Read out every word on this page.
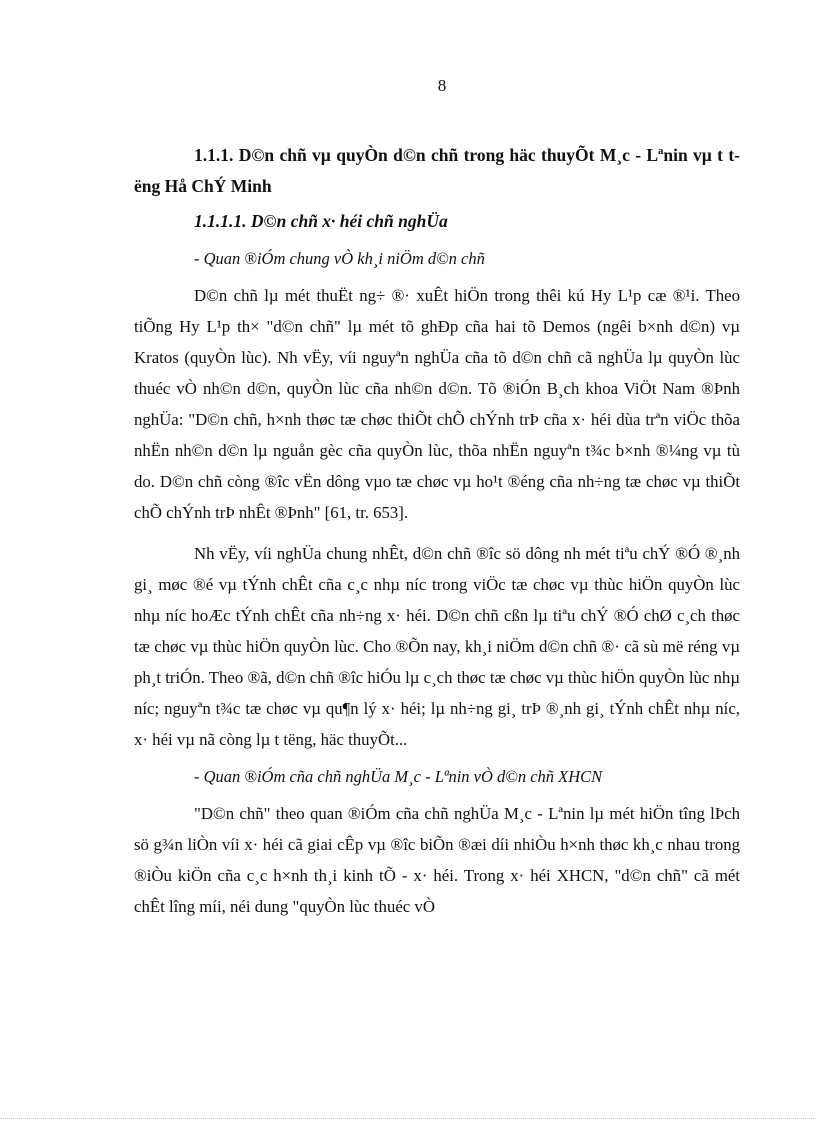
8

1.1.1. D©n chñ vµ quyÒn d©n chñ trong häc thuyÕt M¸c - Lªnin vµ t tëng Hå ChÝ Minh

1.1.1.1. D©n chñ x· héi chñ nghÜa

- Quan ®iÓm chung vÒ kh¸i niÖm d©n chñ

D©n chñ lµ mét thuËt ng÷ ®· xuÊt hiÖn trong thêi kú Hy L¹p cæ ®¹i. Theo tiÕng Hy L¹p th× "d©n chñ" lµ mét tõ ghÐp cña hai tõ Demos (ngêi b×nh d©n) vµ Kratos (quyÒn lùc). Nh vËy, víi nguyªn nghÜa cña tõ d©n chñ cã nghÜa lµ quyÒn lùc thuéc vÒ nh©n d©n, quyÒn lùc cña nh©n d©n. Tõ ®iÓn B¸ch khoa ViÖt Nam ®Þnh nghÜa: "D©n chñ, h×nh thøc tæ chøc thiÕt chÕ chÝnh trÞ cña x· héi dùa trªn viÖc thõa nhËn nh©n d©n lµ nguån gèc cña quyÒn lùc, thõa nhËn nguyªn t¾c b×nh ®¼ng vµ tù do. D©n chñ còng ®îc vËn dông vµo tæ chøc vµ ho¹t ®éng cña nh÷ng tæ chøc vµ thiÕt chÕ chÝnh trÞ nhÊt ®Þnh" [61, tr. 653].

Nh vËy, víi nghÜa chung nhÊt, d©n chñ ®îc sö dông nh mét tiªu chÝ ®Ó ®¸nh gi¸ møc ®é vµ tÝnh chÊt cña c¸c nhµ níc trong viÖc tæ chøc vµ thùc hiÖn quyÒn lùc nhµ níc hoÆc tÝnh chÊt cña nh÷ng x· héi. D©n chñ cßn lµ tiªu chÝ ®Ó chØ c¸ch thøc tæ chøc vµ thùc hiÖn quyÒn lùc. Cho ®Õn nay, kh¸i niÖm d©n chñ ®· cã sù më réng vµ ph¸t triÓn. Theo ®ã, d©n chñ ®îc hiÓu lµ c¸ch thøc tæ chøc vµ thùc hiÖn quyÒn lùc nhµ níc; nguyªn t¾c tæ chøc vµ qu¶n lý x· héi; lµ nh÷ng gi¸ trÞ ®¸nh gi¸ tÝnh chÊt nhµ níc, x· héi vµ nã còng lµ t tëng, häc thuyÕt...

- Quan ®iÓm cña chñ nghÜa M¸c - Lªnin vÒ d©n chñ XHCN

"D©n chñ" theo quan ®iÓm cña chñ nghÜa M¸c - Lªnin lµ mét hiÖn tîng lÞch sö g¾n liÒn víi x· héi cã giai cÊp vµ ®îc biÕn ®æi díi nhiÒu h×nh thøc kh¸c nhau trong ®iÒu kiÖn cña c¸c h×nh th¸i kinh tÕ - x· héi. Trong x· héi XHCN, "d©n chñ" cã mét chÊt lîng míi, néi dung "quyÒn lùc thuéc vÒ
